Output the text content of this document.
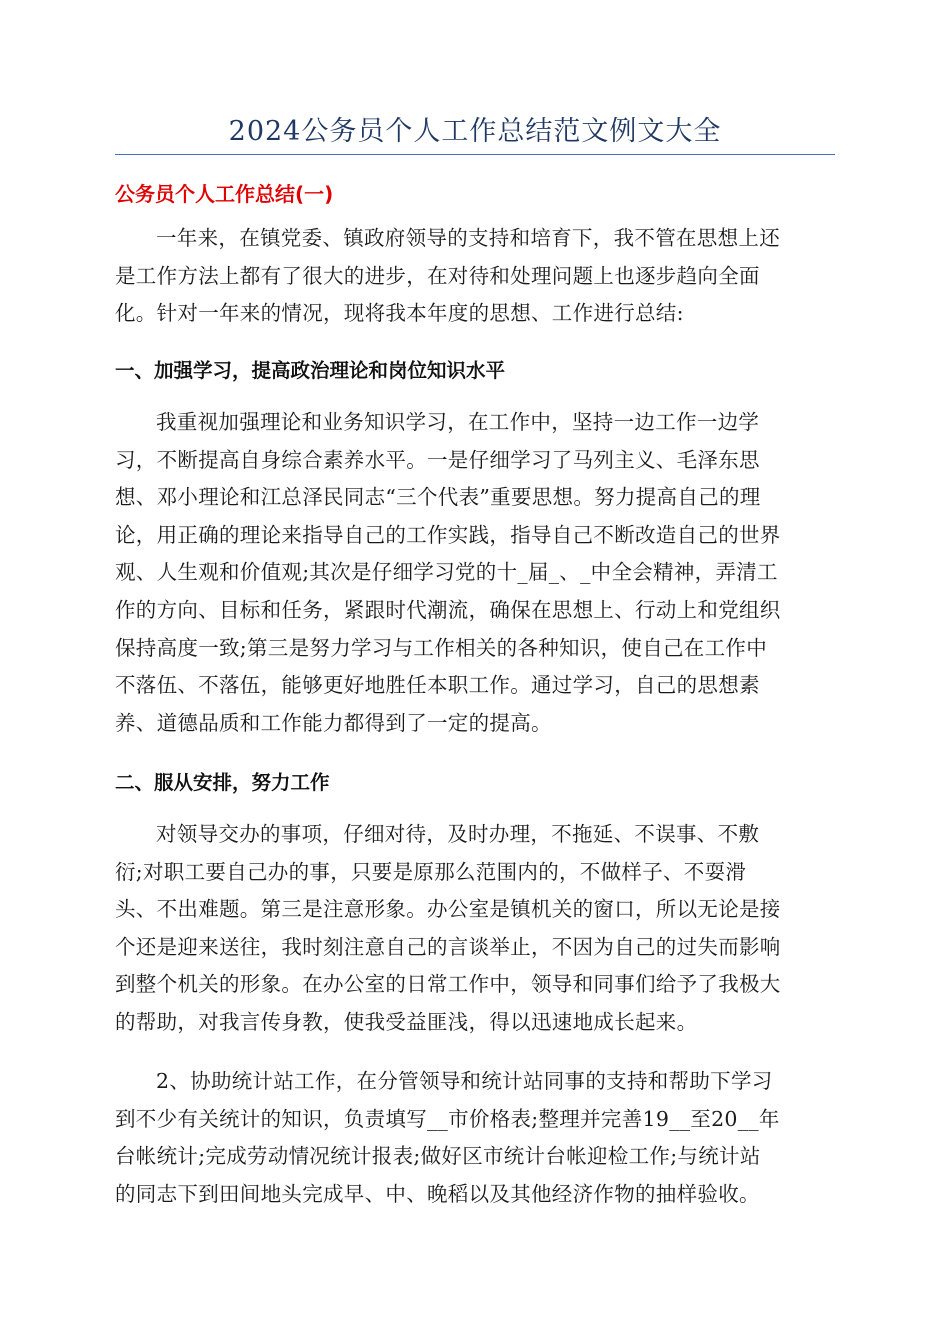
2024公务员个人工作总结范文例文大全
公务员个人工作总结(一)

一年来，在镇党委、镇政府领导的支持和培育下，我不管在思想上还
是工作方法上都有了很大的进步，在对待和处理问题上也逐步趋向全面
化。针对一年来的情况，现将我本年度的思想、工作进行总结:

一、加强学习，提高政治理论和岗位知识水平

我重视加强理论和业务知识学习，在工作中，坚持一边工作一边学
习，不断提高自身综合素养水平。一是仔细学习了马列主义、毛泽东思
想、邓小理论和江总泽民同志“三个代表”重要思想。努力提高自己的理
论，用正确的理论来指导自己的工作实践，指导自己不断改造自己的世界
观、人生观和价值观;其次是仔细学习党的十_届_、_中全会精神，弄清工
作的方向、目标和任务，紧跟时代潮流，确保在思想上、行动上和党组织
保持高度一致;第三是努力学习与工作相关的各种知识，使自己在工作中
不落伍、不落伍，能够更好地胜任本职工作。通过学习，自己的思想素
养、道德品质和工作能力都得到了一定的提高。

二、服从安排，努力工作

对领导交办的事项，仔细对待，及时办理，不拖延、不误事、不敷
衍;对职工要自己办的事，只要是原那么范围内的，不做样子、不耍滑
头、不出难题。第三是注意形象。办公室是镇机关的窗口，所以无论是接
个还是迎来送往，我时刻注意自己的言谈举止，不因为自己的过失而影响
到整个机关的形象。在办公室的日常工作中，领导和同事们给予了我极大
的帮助，对我言传身教，使我受益匪浅，得以迅速地成长起来。

2、协助统计站工作，在分管领导和统计站同事的支持和帮助下学习
到不少有关统计的知识，负责填写__市价格表;整理并完善19__至20__年
台帐统计;完成劳动情况统计报表;做好区市统计台帐迎检工作;与统计站
的同志下到田间地头完成早、中、晚稻以及其他经济作物的抽样验收。
